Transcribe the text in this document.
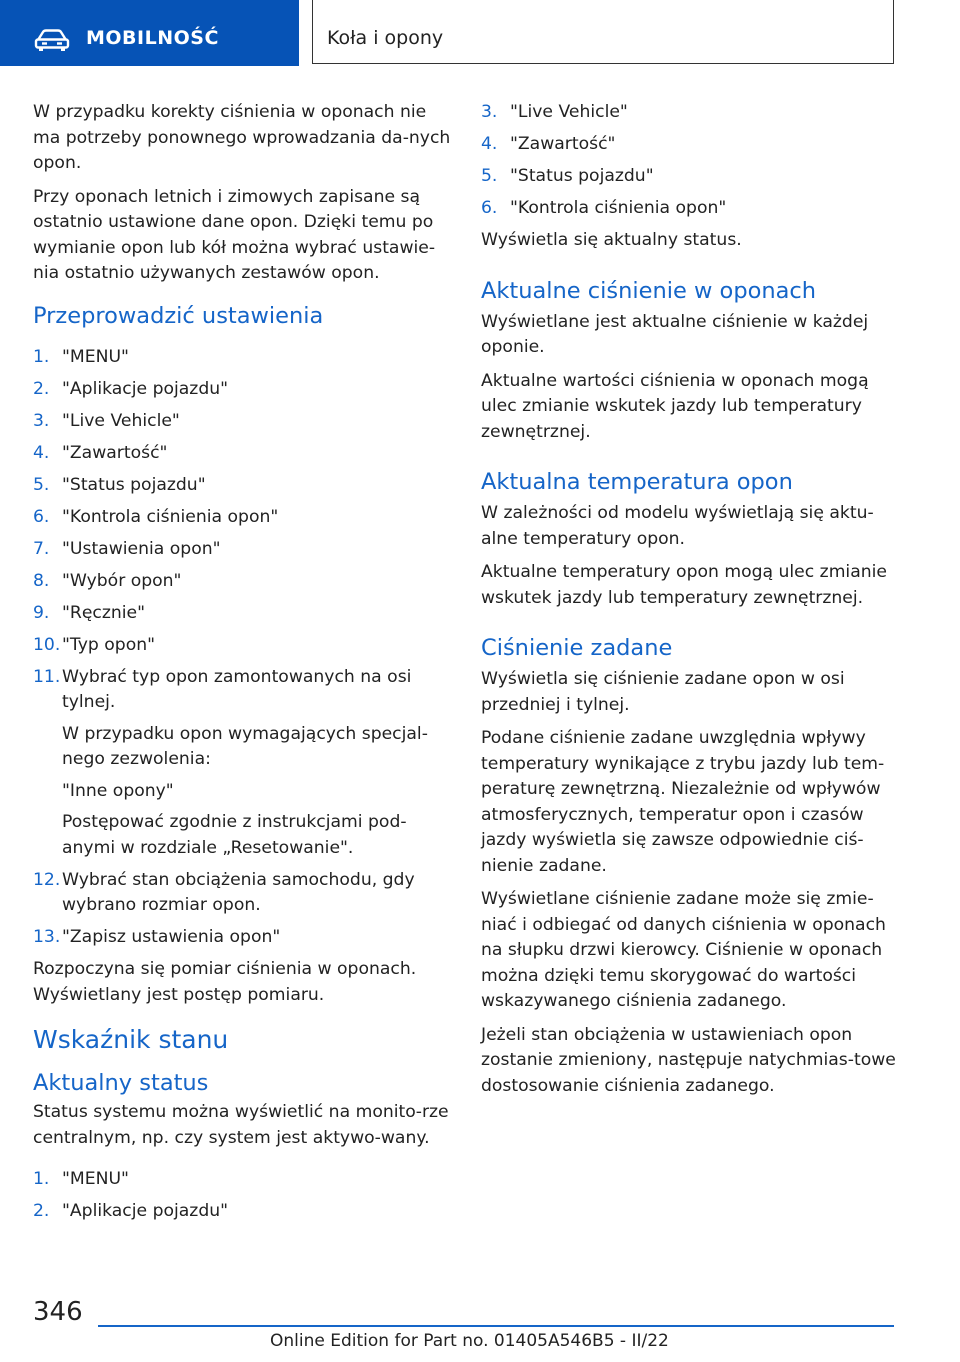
MOBILNOŚĆ	Koła i opony

W przypadku korekty ciśnienia w oponach nie ma potrzeby ponownego wprowadzania da‐nych opon.

Przy oponach letnich i zimowych zapisane są ostatnio ustawione dane opon. Dzięki temu po wymianie opon lub kół można wybrać ustawie‐nia ostatnio używanych zestawów opon.

Przeprowadzić ustawienia
1. "MENU"
2. "Aplikacje pojazdu"
3. "Live Vehicle"
4. "Zawartość"
5. "Status pojazdu"
6. "Kontrola ciśnienia opon"
7. "Ustawienia opon"
8. "Wybór opon"
9. "Ręcznie"
10. "Typ opon"
11. Wybrać typ opon zamontowanych na osi tylnej.
W przypadku opon wymagających specjal‐nego zezwolenia:
"Inne opony"
Postępować zgodnie z instrukcjami pod‐anymi w rozdziale „Resetowanie".
12. Wybrać stan obciążenia samochodu, gdy wybrano rozmiar opon.
13. "Zapisz ustawienia opon"

Rozpoczyna się pomiar ciśnienia w oponach. Wyświetlany jest postęp pomiaru.

Wskaźnik stanu
Aktualny status

Status systemu można wyświetlić na monito‐rze centralnym, np. czy system jest aktywo‐wany.

1. "MENU"
2. "Aplikacje pojazdu"
3. "Live Vehicle"
4. "Zawartość"
5. "Status pojazdu"
6. "Kontrola ciśnienia opon"

Wyświetla się aktualny status.

Aktualne ciśnienie w oponach

Wyświetlane jest aktualne ciśnienie w każdej oponie.

Aktualne wartości ciśnienia w oponach mogą ulec zmianie wskutek jazdy lub temperatury zewnętrznej.

Aktualna temperatura opon

W zależności od modelu wyświetlają się aktu‐alne temperatury opon.

Aktualne temperatury opon mogą ulec zmianie wskutek jazdy lub temperatury zewnętrznej.

Ciśnienie zadane

Wyświetla się ciśnienie zadane opon w osi przedniej i tylnej.

Podane ciśnienie zadane uwzględnia wpływy temperatury wynikające z trybu jazdy lub tem‐peraturę zewnętrzną. Niezależnie od wpływów atmosferycznych, temperatur opon i czasów jazdy wyświetla się zawsze odpowiednie ciś‐nienie zadane.

Wyświetlane ciśnienie zadane może się zmie‐niać i odbiegać od danych ciśnienia w oponach na słupku drzwi kierowcy. Ciśnienie w oponach można dzięki temu skorygować do wartości wskazywanego ciśnienia zadanego.

Jeżeli stan obciążenia w ustawieniach opon zostanie zmieniony, następuje natychmias‐towe dostosowanie ciśnienia zadanego.

346
Online Edition for Part no. 01405A546B5 - II/22
